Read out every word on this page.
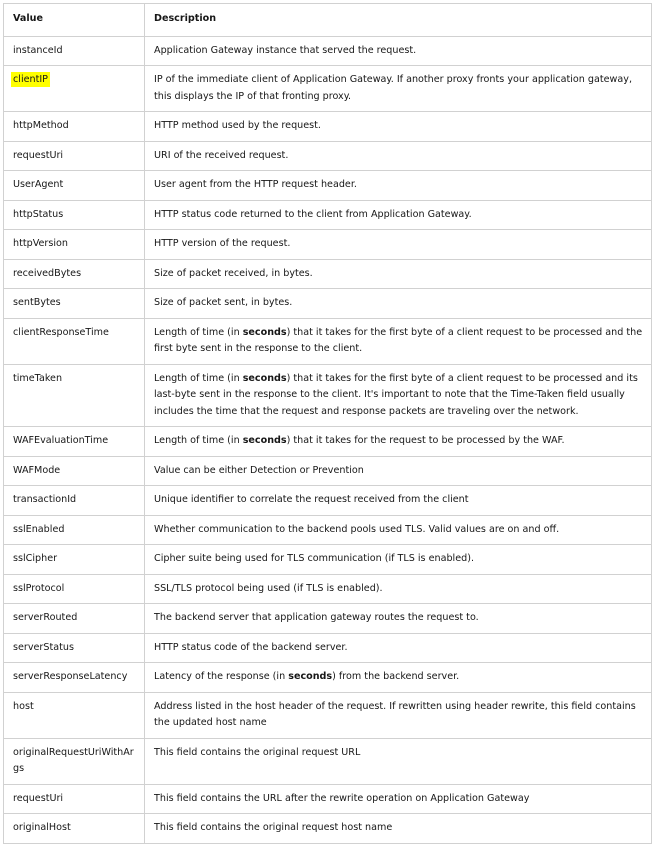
Value	Description
instanceId	Application Gateway instance that served the request.
clientIP	IP of the immediate client of Application Gateway. If another proxy fronts your application gateway, this displays the IP of that fronting proxy.
httpMethod	HTTP method used by the request.
requestUri	URI of the received request.
UserAgent	User agent from the HTTP request header.
httpStatus	HTTP status code returned to the client from Application Gateway.
httpVersion	HTTP version of the request.
receivedBytes	Size of packet received, in bytes.
sentBytes	Size of packet sent, in bytes.
clientResponseTime	Length of time (in seconds) that it takes for the first byte of a client request to be processed and the first byte sent in the response to the client.
timeTaken	Length of time (in seconds) that it takes for the first byte of a client request to be processed and its last-byte sent in the response to the client. It's important to note that the Time-Taken field usually includes the time that the request and response packets are traveling over the network.
WAFEvaluationTime	Length of time (in seconds) that it takes for the request to be processed by the WAF.
WAFMode	Value can be either Detection or Prevention
transactionId	Unique identifier to correlate the request received from the client
sslEnabled	Whether communication to the backend pools used TLS. Valid values are on and off.
sslCipher	Cipher suite being used for TLS communication (if TLS is enabled).
sslProtocol	SSL/TLS protocol being used (if TLS is enabled).
serverRouted	The backend server that application gateway routes the request to.
serverStatus	HTTP status code of the backend server.
serverResponseLatency	Latency of the response (in seconds) from the backend server.
host	Address listed in the host header of the request. If rewritten using header rewrite, this field contains the updated host name
originalRequestUriWithArgs	This field contains the original request URL
requestUri	This field contains the URL after the rewrite operation on Application Gateway
originalHost	This field contains the original request host name
